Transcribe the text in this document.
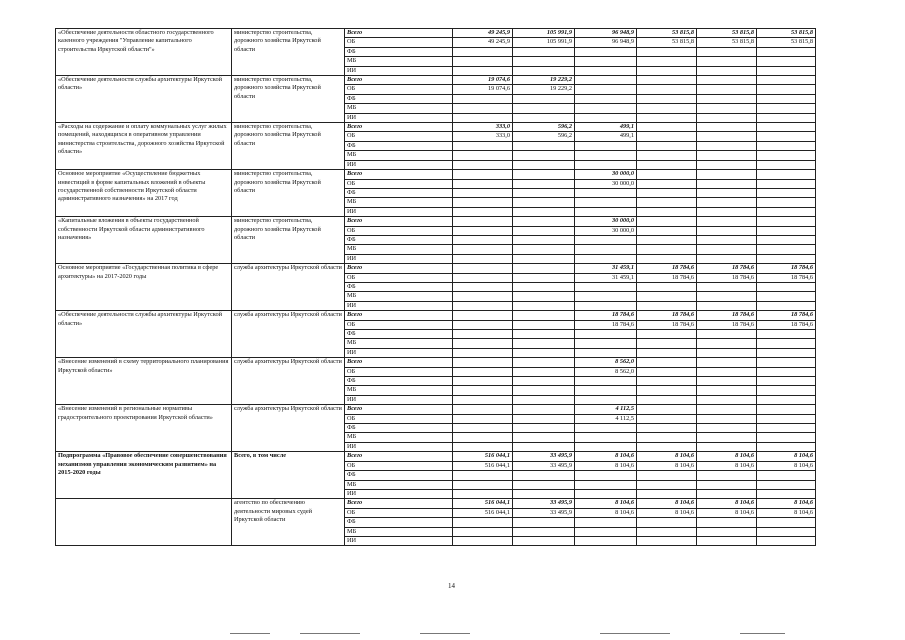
«Обеспечение деятельности областного государственного казенного учреждения "Управление капитального строительства Иркутской области"»	министерство строительства, дорожного хозяйства Иркутской области	Всего	49 245,9	105 991,9	96 948,9	53 815,8	53 815,8	53 815,8
		ОБ	49 245,9	105 991,9	96 948,9	53 815,8	53 815,8	53 815,8
		ФБ						
		МБ						
		ИИ						
«Обеспечение деятельности службы архитектуры Иркутской области»	министерство строительства, дорожного хозяйства Иркутской области	Всего	19 074,6	19 229,2				
		ОБ	19 074,6	19 229,2				
		ФБ						
		МБ						
		ИИ						
«Расходы на содержание и оплату коммунальных услуг жилых помещений, находящихся в оперативном управлении министерства строительства, дорожного хозяйства Иркутской области»	министерство строительства, дорожного хозяйства Иркутской области	Всего	333,0	596,2	499,1			
		ОБ	333,0	596,2	499,1			
		ФБ						
		МБ						
		ИИ						
Основное мероприятие «Осуществление бюджетных инвестиций в форме капитальных вложений в объекты государственной собственности Иркутской области административного назначения» на 2017 год	министерство строительства, дорожного хозяйства Иркутской области	Всего			30 000,0			
		ОБ			30 000,0			
		ФБ						
		МБ						
		ИИ						
«Капитальные вложения в объекты государственной собственности Иркутской области административного назначения»	министерство строительства, дорожного хозяйства Иркутской области	Всего			30 000,0			
		ОБ			30 000,0			
		ФБ						
		МБ						
		ИИ						
Основное мероприятие «Государственная политика в сфере архитектуры» на 2017-2020 годы	служба архитектуры Иркутской области	Всего			31 459,1	18 784,6	18 784,6	18 784,6
		ОБ			31 459,1	18 784,6	18 784,6	18 784,6
		ФБ						
		МБ						
		ИИ						
«Обеспечение деятельности службы архитектуры Иркутской области»	служба архитектуры Иркутской области	Всего			18 784,6	18 784,6	18 784,6	18 784,6
		ОБ			18 784,6	18 784,6	18 784,6	18 784,6
		ФБ						
		МБ						
		ИИ						
«Внесение изменений в схему территориального планирования Иркутской области»	служба архитектуры Иркутской области	Всего			8 562,0			
		ОБ			8 562,0			
		ФБ						
		МБ						
		ИИ						
«Внесение изменений в региональные нормативы градостроительного проектирования Иркутской области»	служба архитектуры Иркутской области	Всего			4 112,5			
		ОБ			4 112,5			
		ФБ						
		МБ						
		ИИ						
Подпрограмма «Правовое обеспечение совершенствования механизмов управления экономическим развитием» на 2015-2020 годы	Всего, в том числе	Всего	516 044,1	33 495,9	8 104,6	8 104,6	8 104,6	8 104,6
		ОБ	516 044,1	33 495,9	8 104,6	8 104,6	8 104,6	8 104,6
		ФБ						
		МБ						
		ИИ						
	агентство по обеспечению деятельности мировых судей Иркутской области	Всего	516 044,1	33 495,9	8 104,6	8 104,6	8 104,6	8 104,6
		ОБ	516 044,1	33 495,9	8 104,6	8 104,6	8 104,6	8 104,6
		ФБ						
		МБ						
		ИИ						
14
